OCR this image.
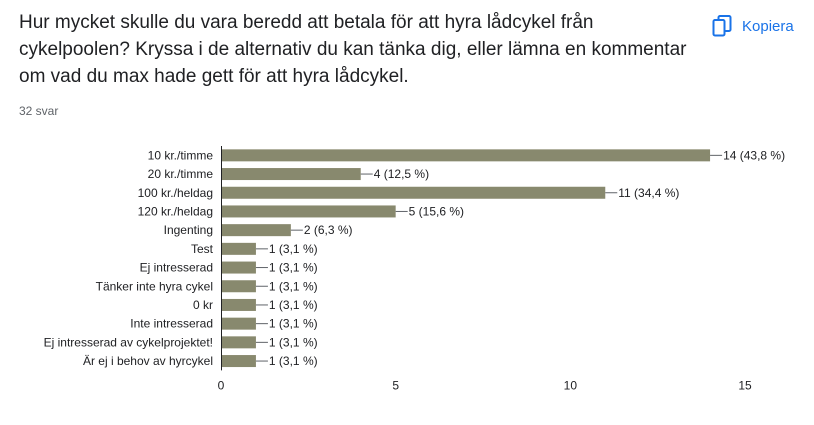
Hur mycket skulle du vara beredd att betala för att hyra lådcykel från cykelpoolen? Kryssa i de alternativ du kan tänka dig, eller lämna en kommentar om vad du max hade gett för att hyra lådcykel.
Kopiera
32 svar
10 kr./timme	14 (43,8 %)
20 kr./timme	4 (12,5 %)
100 kr./heldag	11 (34,4 %)
120 kr./heldag	5 (15,6 %)
Ingenting	2 (6,3 %)
Test	1 (3,1 %)
Ej intresserad	1 (3,1 %)
Tänker inte hyra cykel	1 (3,1 %)
0 kr	1 (3,1 %)
Inte intresserad	1 (3,1 %)
Ej intresserad av cykelprojektet!	1 (3,1 %)
Är ej i behov av hyrcykel	1 (3,1 %)
0	5	10	15
